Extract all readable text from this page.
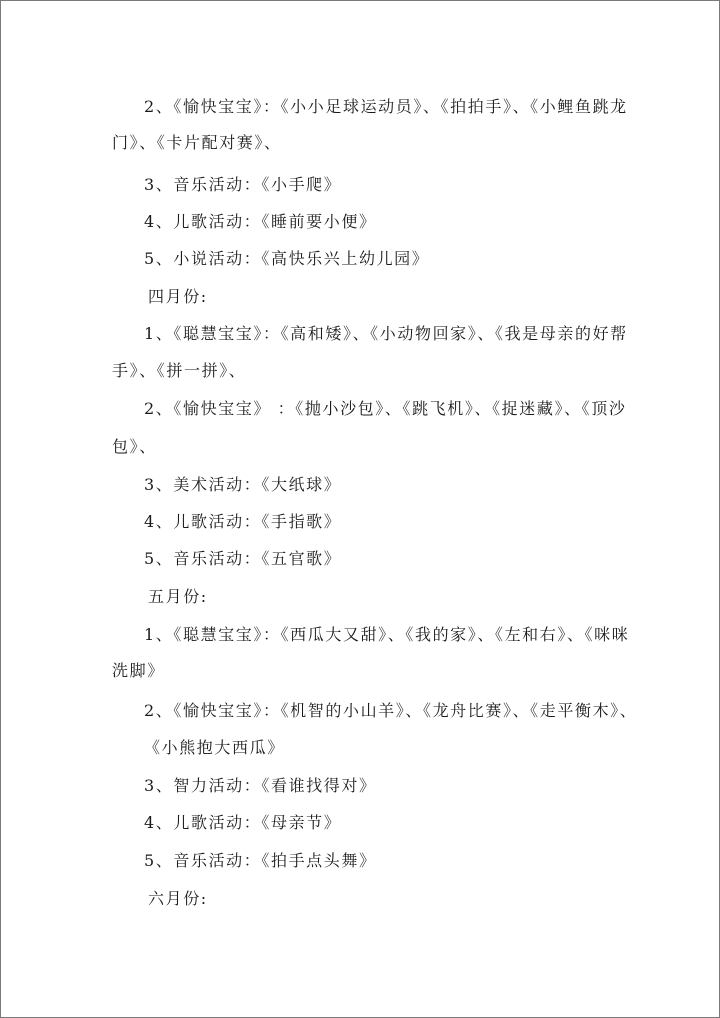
2、《愉快宝宝》：《小小足球运动员》、《拍拍手》、《小鲤鱼跳龙
门》、《卡片配对赛》、
3、音乐活动：《小手爬》
4、儿歌活动：《睡前要小便》
5、小说活动：《高快乐兴上幼儿园》
四月份:
1、《聪慧宝宝》：《高和矮》、《小动物回家》、《我是母亲的好帮
手》、《拼一拼》、
2、《愉快宝宝》 ：《抛小沙包》、《跳飞机》、《捉迷藏》、《顶沙
包》、
3、美术活动：《大纸球》
4、儿歌活动：《手指歌》
5、音乐活动：《五官歌》
五月份:
1、《聪慧宝宝》：《西瓜大又甜》、《我的家》、《左和右》、《咪咪
洗脚》
2、《愉快宝宝》：《机智的小山羊》、《龙舟比赛》、《走平衡木》、
《小熊抱大西瓜》
3、智力活动：《看谁找得对》
4、儿歌活动：《母亲节》
5、音乐活动：《拍手点头舞》
六月份:
